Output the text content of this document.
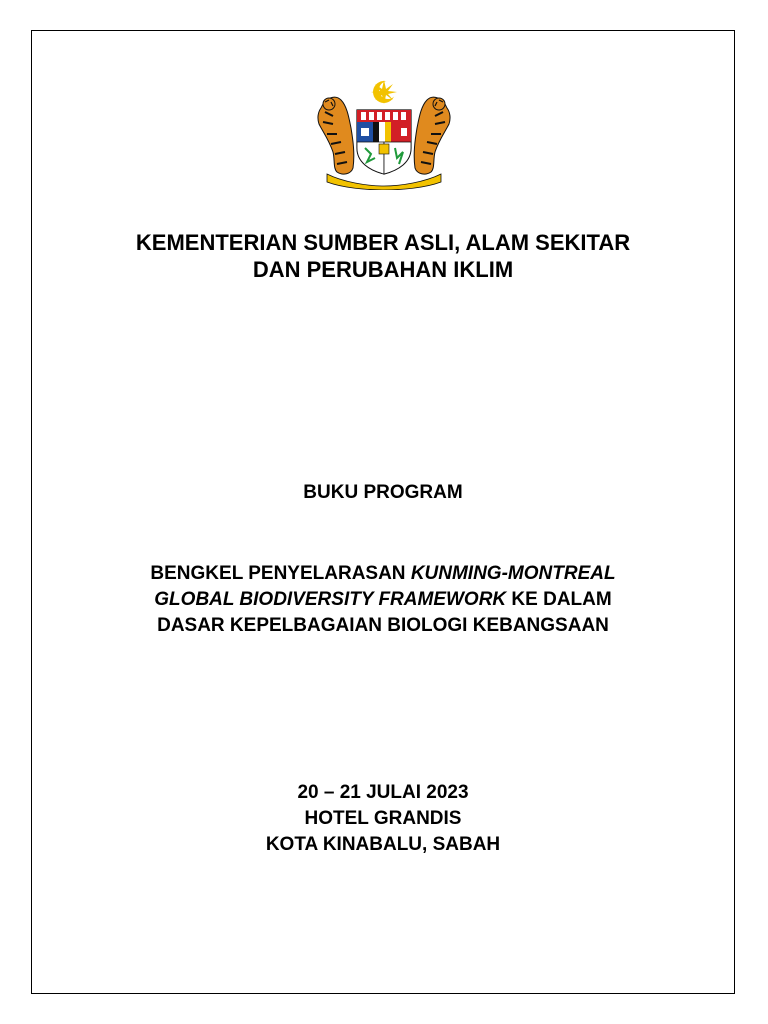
KEMENTERIAN SUMBER ASLI, ALAM SEKITAR
DAN PERUBAHAN IKLIM
BUKU PROGRAM
BENGKEL PENYELARASAN KUNMING-MONTREAL
GLOBAL BIODIVERSITY FRAMEWORK KE DALAM
DASAR KEPELBAGAIAN BIOLOGI KEBANGSAAN
20 – 21 JULAI 2023
HOTEL GRANDIS
KOTA KINABALU, SABAH
